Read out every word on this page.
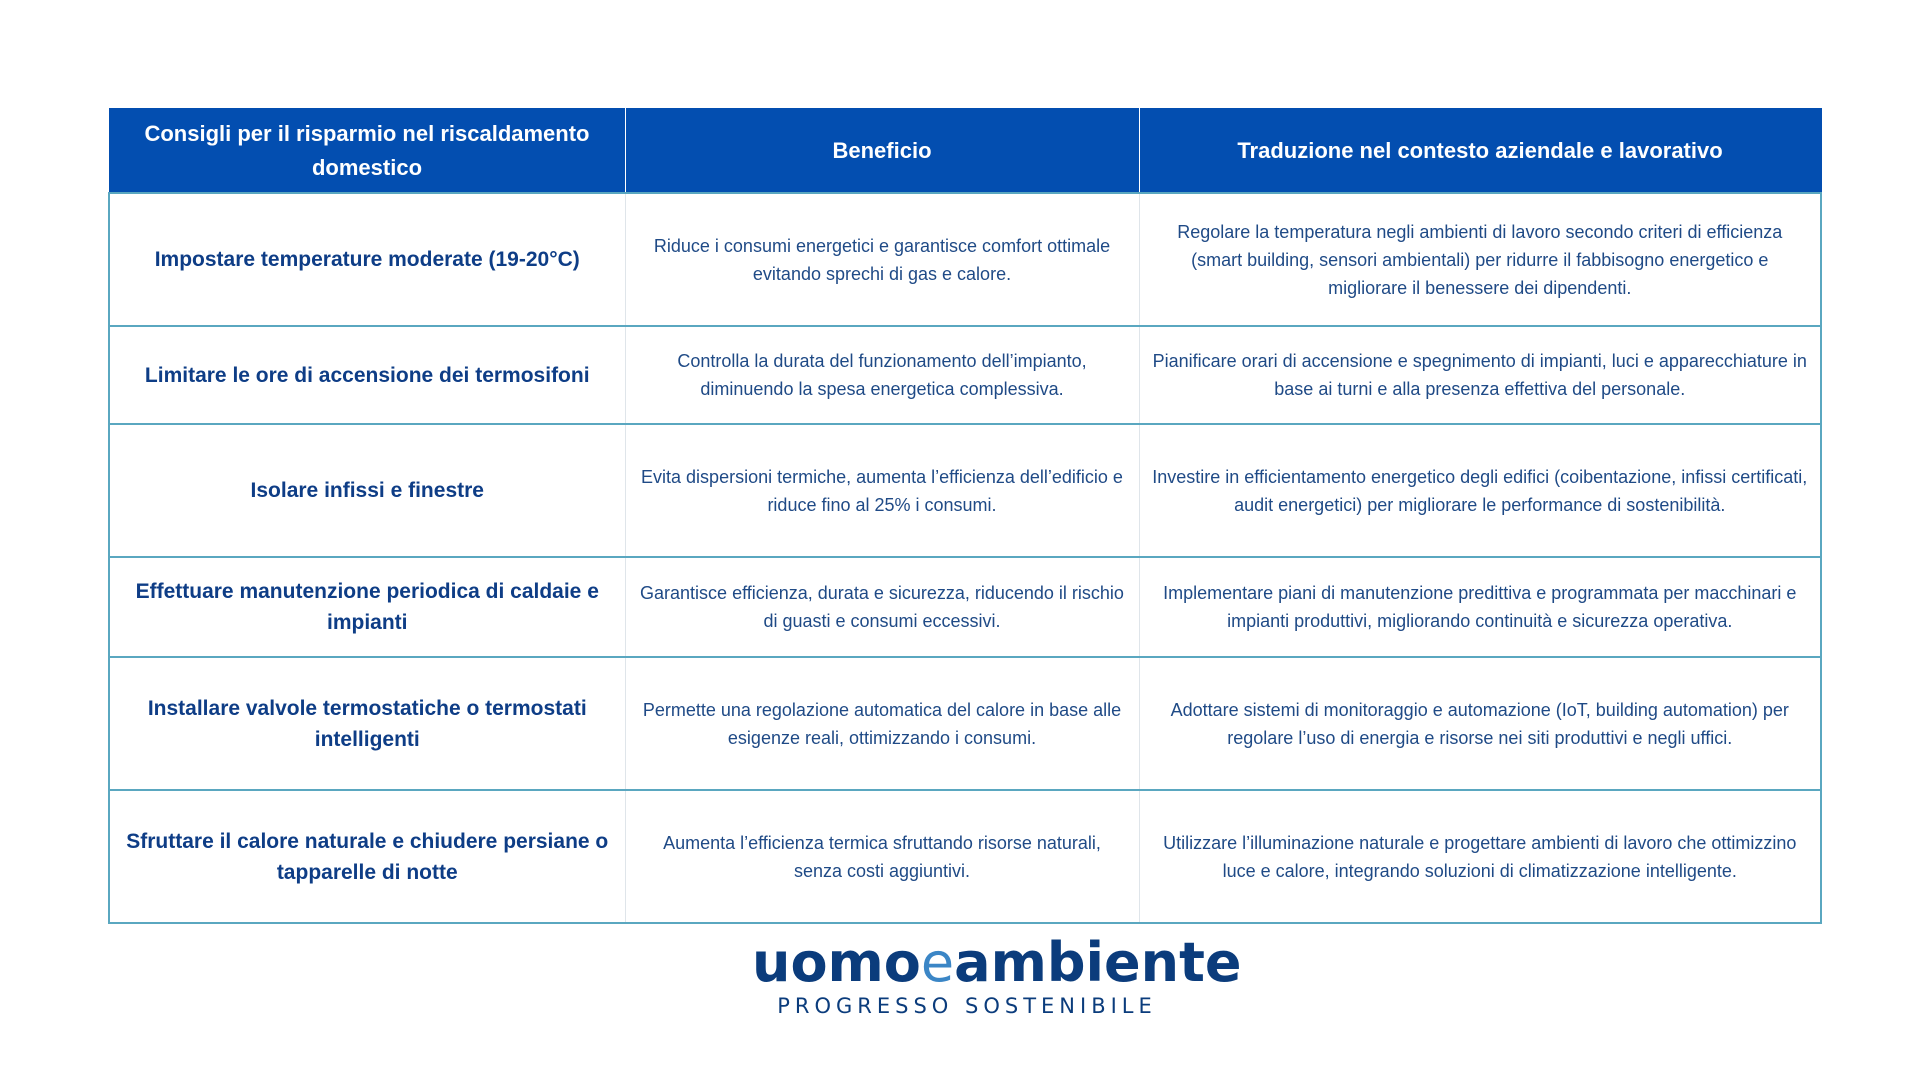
Consigli per il risparmio nel riscaldamento domestico	Beneficio	Traduzione nel contesto aziendale e lavorativo
Impostare temperature moderate (19-20°C)	Riduce i consumi energetici e garantisce comfort ottimale evitando sprechi di gas e calore.	Regolare la temperatura negli ambienti di lavoro secondo criteri di efficienza (smart building, sensori ambientali) per ridurre il fabbisogno energetico e migliorare il benessere dei dipendenti.
Limitare le ore di accensione dei termosifoni	Controlla la durata del funzionamento dell’impianto, diminuendo la spesa energetica complessiva.	Pianificare orari di accensione e spegnimento di impianti, luci e apparecchiature in base ai turni e alla presenza effettiva del personale.
Isolare infissi e finestre	Evita dispersioni termiche, aumenta l’efficienza dell’edificio e riduce fino al 25% i consumi.	Investire in efficientamento energetico degli edifici (coibentazione, infissi certificati, audit energetici) per migliorare le performance di sostenibilità.
Effettuare manutenzione periodica di caldaie e impianti	Garantisce efficienza, durata e sicurezza, riducendo il rischio di guasti e consumi eccessivi.	Implementare piani di manutenzione predittiva e programmata per macchinari e impianti produttivi, migliorando continuità e sicurezza operativa.
Installare valvole termostatiche o termostati intelligenti	Permette una regolazione automatica del calore in base alle esigenze reali, ottimizzando i consumi.	Adottare sistemi di monitoraggio e automazione (IoT, building automation) per regolare l’uso di energia e risorse nei siti produttivi e negli uffici.
Sfruttare il calore naturale e chiudere persiane o tapparelle di notte	Aumenta l’efficienza termica sfruttando risorse naturali, senza costi aggiuntivi.	Utilizzare l’illuminazione naturale e progettare ambienti di lavoro che ottimizzino luce e calore, integrando soluzioni di climatizzazione intelligente.
uomoeambiente
PROGRESSO SOSTENIBILE
